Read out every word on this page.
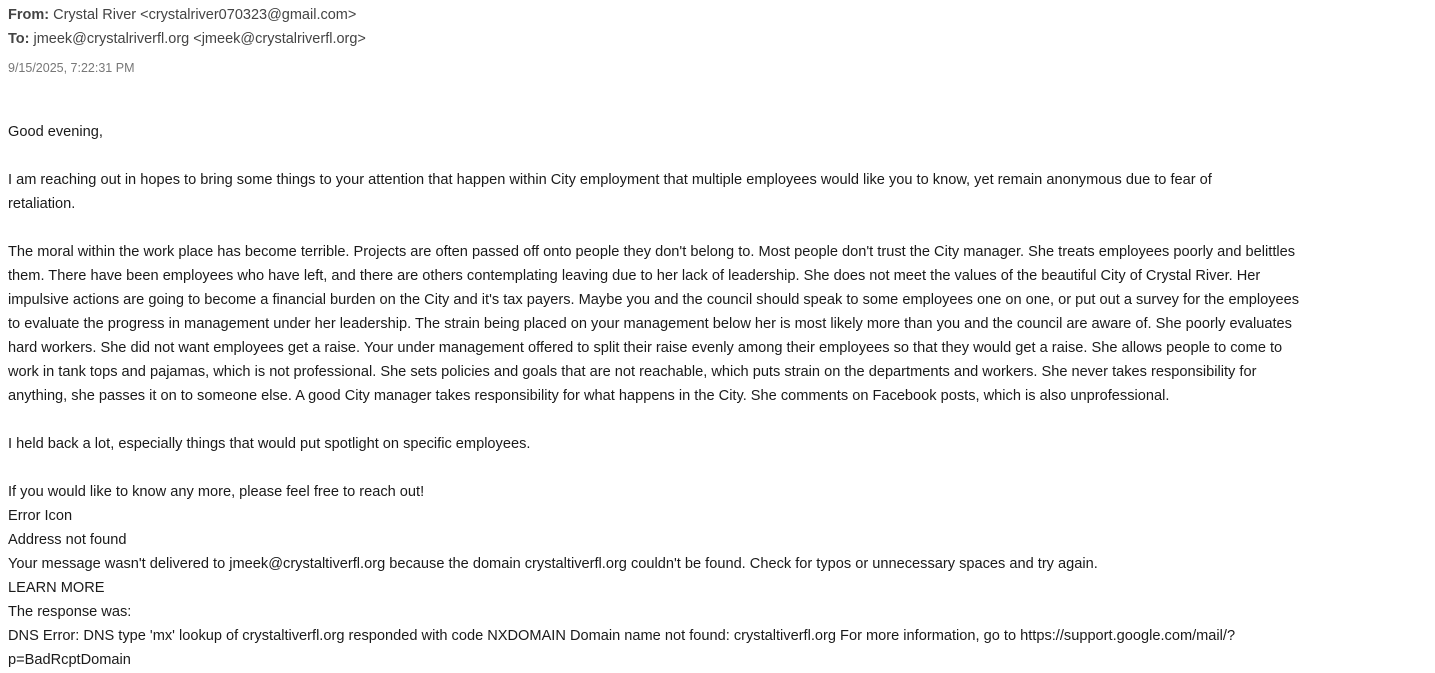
From: Crystal River <crystalriver070323@gmail.com>
To: jmeek@crystalriverfl.org <jmeek@crystalriverfl.org>
9/15/2025, 7:22:31 PM
Good evening,
I am reaching out in hopes to bring some things to your attention that happen within City employment that multiple employees would like you to know, yet remain anonymous due to fear of
retaliation.
The moral within the work place has become terrible. Projects are often passed off onto people they don't belong to. Most people don't trust the City manager. She treats employees poorly and belittles
them. There have been employees who have left, and there are others contemplating leaving due to her lack of leadership. She does not meet the values of the beautiful City of Crystal River. Her
impulsive actions are going to become a financial burden on the City and it's tax payers. Maybe you and the council should speak to some employees one on one, or put out a survey for the employees
to evaluate the progress in management under her leadership. The strain being placed on your management below her is most likely more than you and the council are aware of. She poorly evaluates
hard workers. She did not want employees get a raise. Your under management offered to split their raise evenly among their employees so that they would get a raise. She allows people to come to
work in tank tops and pajamas, which is not professional. She sets policies and goals that are not reachable, which puts strain on the departments and workers. She never takes responsibility for
anything, she passes it on to someone else. A good City manager takes responsibility for what happens in the City. She comments on Facebook posts, which is also unprofessional.
I held back a lot, especially things that would put spotlight on specific employees.
If you would like to know any more, please feel free to reach out!
Error Icon
Address not found
Your message wasn't delivered to jmeek@crystaltiverfl.org because the domain crystaltiverfl.org couldn't be found. Check for typos or unnecessary spaces and try again.
LEARN MORE
The response was:
DNS Error: DNS type 'mx' lookup of crystaltiverfl.org responded with code NXDOMAIN Domain name not found: crystaltiverfl.org For more information, go to https://support.google.com/mail/?
p=BadRcptDomain
